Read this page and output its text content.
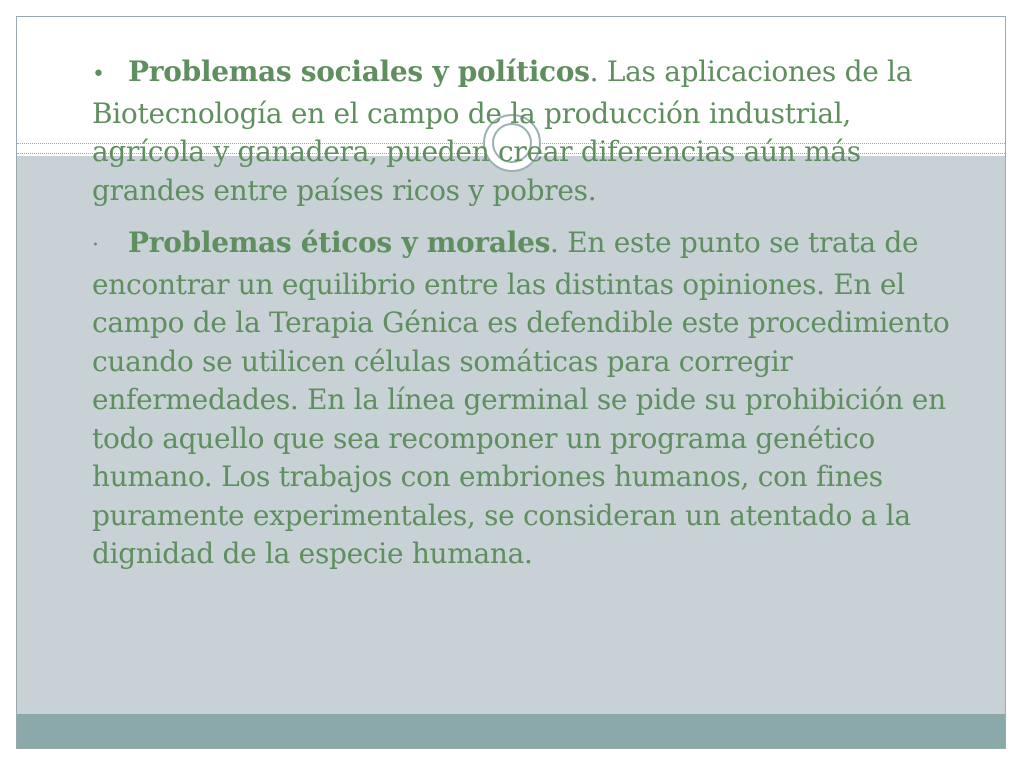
• Problemas sociales y políticos. Las aplicaciones de la Biotecnología en el campo de la producción industrial, agrícola y ganadera, pueden crear diferencias aún más grandes entre países ricos y pobres.

· Problemas éticos y morales. En este punto se trata de encontrar un equilibrio entre las distintas opiniones. En el campo de la Terapia Génica es defendible este procedimiento cuando se utilicen células somáticas para corregir enfermedades. En la línea germinal se pide su prohibición en todo aquello que sea recomponer un programa genético humano. Los trabajos con embriones humanos, con fines puramente experimentales, se consideran un atentado a la dignidad de la especie humana.
